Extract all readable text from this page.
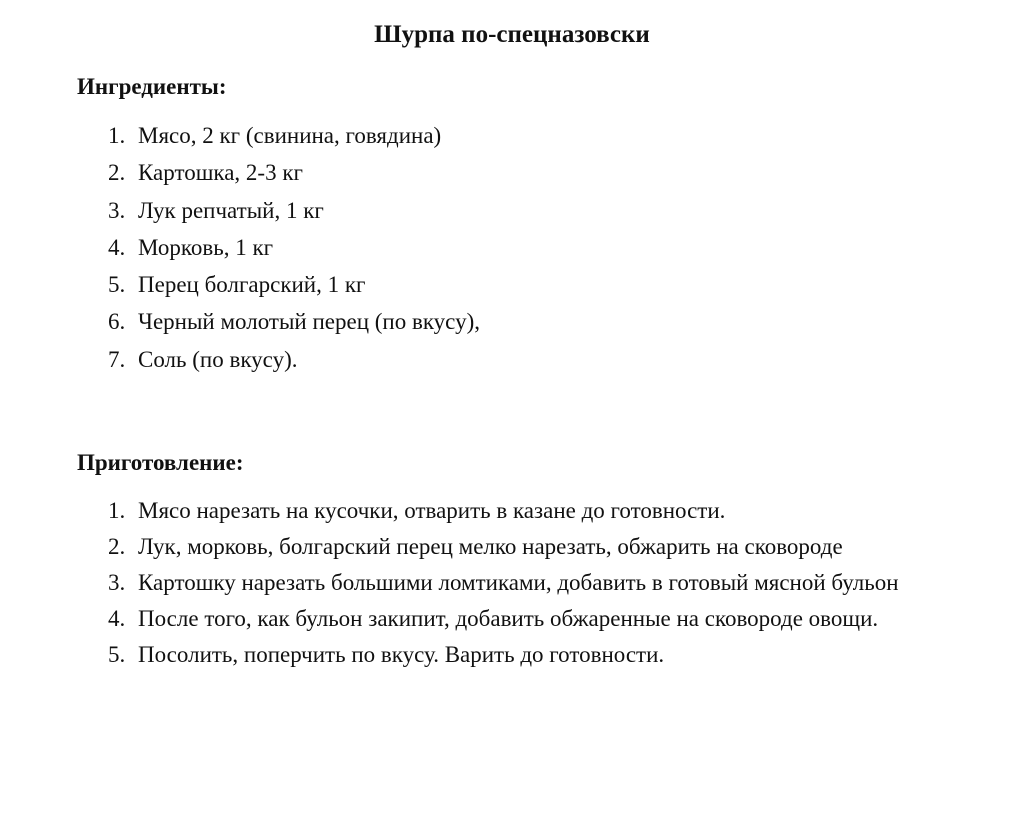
Шурпа по-спецназовски
Ингредиенты:
1. Мясо, 2 кг (свинина, говядина)
2. Картошка, 2-3 кг
3. Лук репчатый, 1 кг
4. Морковь, 1 кг
5. Перец болгарский, 1 кг
6. Черный молотый перец (по вкусу),
7. Соль (по вкусу).
Приготовление:
1. Мясо нарезать на кусочки, отварить в казане до готовности.
2. Лук, морковь, болгарский перец мелко нарезать, обжарить на сковороде
3. Картошку нарезать большими ломтиками, добавить в готовый мясной бульон
4. После того, как бульон закипит, добавить обжаренные на сковороде овощи.
5. Посолить, поперчить по вкусу. Варить до готовности.
